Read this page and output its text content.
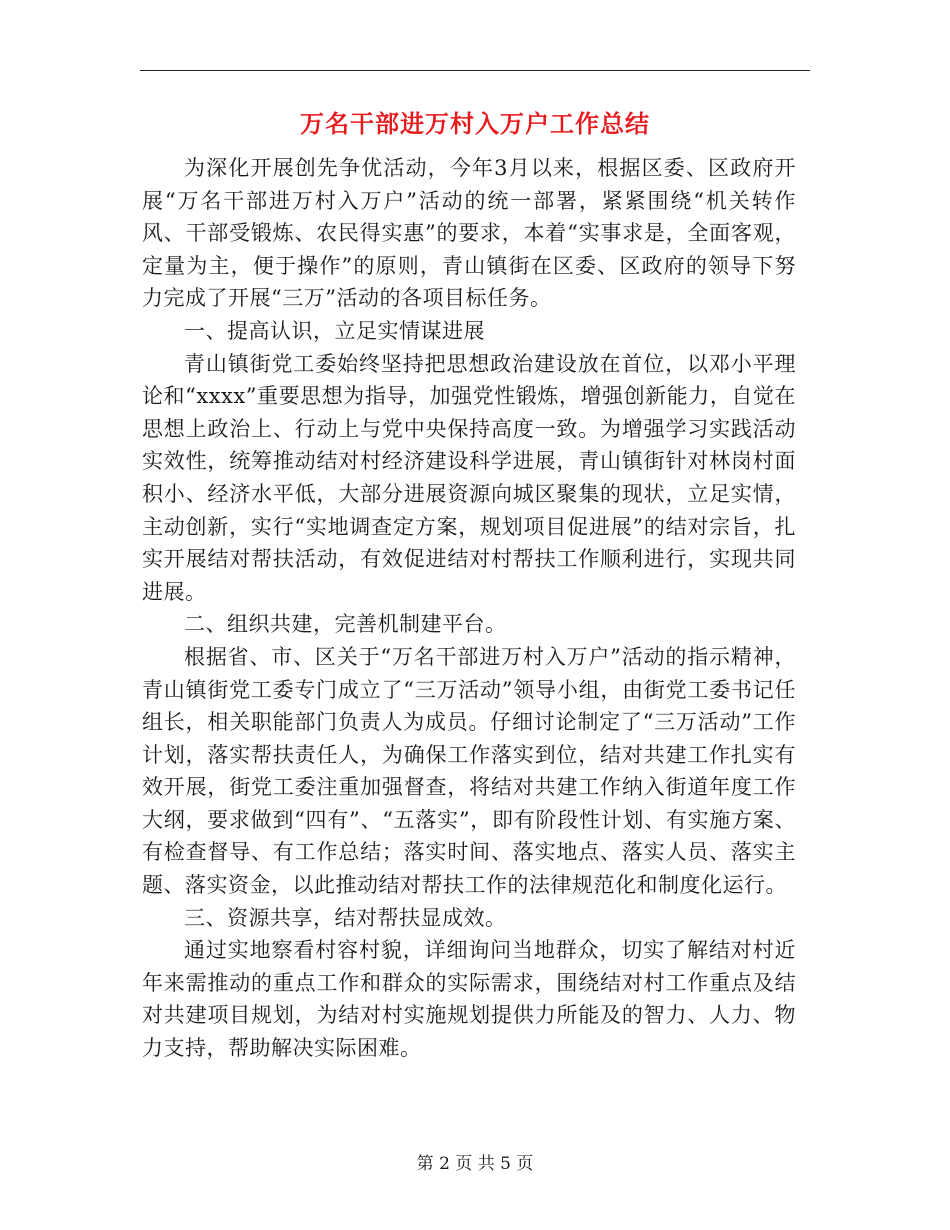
万名干部进万村入万户工作总结

为深化开展创先争优活动，今年3月以来，根据区委、区政府开展“万名干部进万村入万户”活动的统一部署，紧紧围绕“机关转作风、干部受锻炼、农民得实惠”的要求，本着“实事求是，全面客观，定量为主，便于操作”的原则，青山镇街在区委、区政府的领导下努力完成了开展“三万”活动的各项目标任务。

一、提高认识，立足实情谋进展

青山镇街党工委始终坚持把思想政治建设放在首位，以邓小平理论和“xxxx”重要思想为指导，加强党性锻炼，增强创新能力，自觉在思想上政治上、行动上与党中央保持高度一致。为增强学习实践活动实效性，统筹推动结对村经济建设科学进展，青山镇街针对林岗村面积小、经济水平低，大部分进展资源向城区聚集的现状，立足实情，主动创新，实行“实地调查定方案，规划项目促进展”的结对宗旨，扎实开展结对帮扶活动，有效促进结对村帮扶工作顺利进行，实现共同进展。

二、组织共建，完善机制建平台。

根据省、市、区关于“万名干部进万村入万户”活动的指示精神，青山镇街党工委专门成立了“三万活动”领导小组，由街党工委书记任组长，相关职能部门负责人为成员。仔细讨论制定了“三万活动”工作计划，落实帮扶责任人，为确保工作落实到位，结对共建工作扎实有效开展，街党工委注重加强督查，将结对共建工作纳入街道年度工作大纲，要求做到“四有”、“五落实”，即有阶段性计划、有实施方案、有检查督导、有工作总结；落实时间、落实地点、落实人员、落实主题、落实资金，以此推动结对帮扶工作的法律规范化和制度化运行。

三、资源共享，结对帮扶显成效。

通过实地察看村容村貌，详细询问当地群众，切实了解结对村近年来需推动的重点工作和群众的实际需求，围绕结对村工作重点及结对共建项目规划，为结对村实施规划提供力所能及的智力、人力、物力支持，帮助解决实际困难。

第 2 页 共 5 页
